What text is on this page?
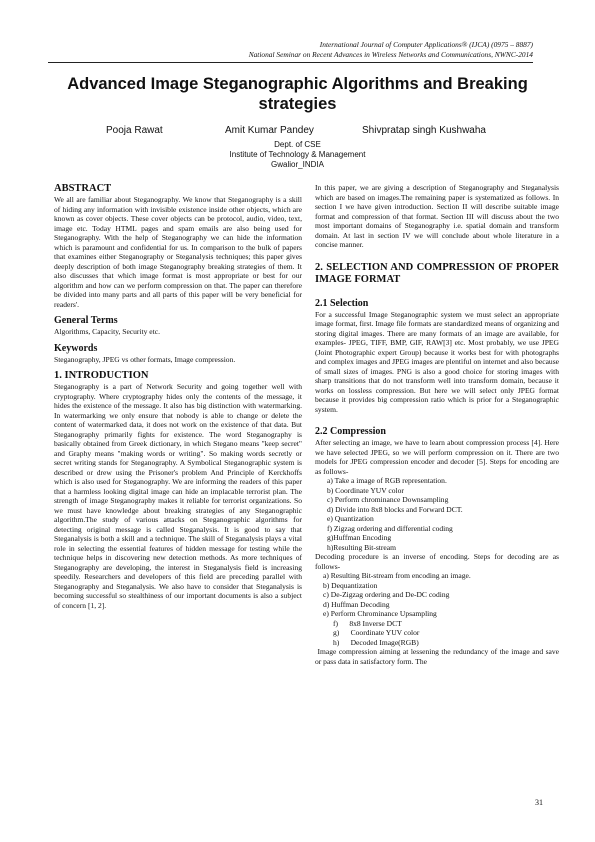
International Journal of Computer Applications® (IJCA) (0975 – 8887)
National Seminar on Recent Advances in Wireless Networks and Communications, NWNC-2014
Advanced Image Steganographic Algorithms and Breaking strategies
Pooja Rawat	Amit Kumar Pandey	Shivpratap singh Kushwaha
Dept. of CSE
Institute of Technology & Management
Gwalior_INDIA
ABSTRACT

We all are familiar about Steganography. We know that Steganography is a skill of hiding any information with invisible existence inside other objects, which are known as cover objects. These cover objects can be protocol, audio, video, text, image etc. Today HTML pages and spam emails are also being used for Steganography. With the help of Steganography we can hide the information which is paramount and confidential for us. In comparison to the bulk of papers that examines either Steganography or Steganalysis techniques; this paper gives deeply description of both image Steganography breaking strategies of them. It also discusses that which image format is most appropriate or best for our algorithm and how can we perform compression on that. The paper can therefore be divided into many parts and all parts of this paper will be very beneficial for readers'.

General Terms

Algorithms, Capacity, Security etc.

Keywords

Steganography, JPEG vs other formats, Image compression.

1. INTRODUCTION

Steganography is a part of Network Security and going together well with cryptography. Where cryptography hides only the contents of the message, it hides the existence of the message. It also has big distinction with watermarking. In watermarking we only ensure that nobody is able to change or delete the content of watermarked data, it does not work on the existence of that data. But Steganography primarily fights for existence. The word Steganography is basically obtained from Greek dictionary, in which Stegano means "keep secret" and Graphy means "making words or writing". So making words secretly or secret writing stands for Steganography. A Symbolical Steganographic system is described or drew using the Prisoner's problem And Principle of Kerckhoffs which is also used for Steganography. We are informing the readers of this paper that a harmless looking digital image can hide an implacable terrorist plan. The strength of image Steganography makes it reliable for terrorist organizations. So we must have knowledge about breaking strategies of any Steganographic algorithm.The study of various attacks on Steganographic algorithms for detecting original message is called Steganalysis. It is good to say that Steganalysis is both a skill and a technique. The skill of Steganalysis plays a vital role in selecting the essential features of hidden message for testing while the technique helps in discovering new detection methods. As more techniques of Steganography are developing, the interest in Steganalysis field is increasing speedily. Researchers and developers of this field are preceding parallel with Steganography and Steganalysis. We also have to consider that Steganalysis is becoming successful so stealthiness of our important documents is also a subject of concern [1, 2].

In this paper, we are giving a description of Steganography and Steganalysis which are based on images.The remaining paper is systematized as follows. In section I we have given introduction. Section II will describe suitable image format and compression of that format. Section III will discuss about the two most important domains of Steganography i.e. spatial domain and transform domain. At last in section IV we will conclude about whole literature in a concise manner.

2. SELECTION AND COMPRESSION OF PROPER IMAGE FORMAT
2.1 Selection

For a successful Image Steganographic system we must select an appropriate image format, first. Image file formats are standardized means of organizing and storing digital images. There are many formats of an image are available, for examples- JPEG, TIFF, BMP, GIF, RAW[3] etc. Most probably, we use JPEG (Joint Photographic expert Group) because it works best for with photographs and complex images and JPEG images are plentiful on internet and also because of small sizes of images. PNG is also a good choice for storing images with sharp transitions that do not transform well into transform domain, because it works on lossless compression. But here we will select only JPEG format because it provides big compression ratio which is prior for a Steganographic system.

2.2 Compression

After selecting an image, we have to learn about compression process [4]. Here we have selected JPEG, so we will perform compression on it. There are two models for JPEG compression encoder and decoder [5]. Steps for encoding are as follows-

a) Take a image of RGB representation.
b) Coordinate YUV color
c) Perform chrominance Downsampling
d) Divide into 8x8 blocks and Forward DCT.
e) Quantization
f) Zigzag ordering and differential coding
g)Huffman Encoding
h)Resulting Bit-stream

Decoding procedure is an inverse of encoding. Steps for decoding are as follows-

a) Resulting Bit-stream from encoding an image.
b) Dequantization
c) De-Zigzag ordering and De-DC coding
d) Huffman Decoding
e) Perform Chrominance Upsampling
f)      8x8 Inverse DCT
g)      Coordinate YUV color
h)      Decoded Image(RGB)

Image compression aiming at lessening the redundancy of the image and save or pass data in satisfactory form. The

31
